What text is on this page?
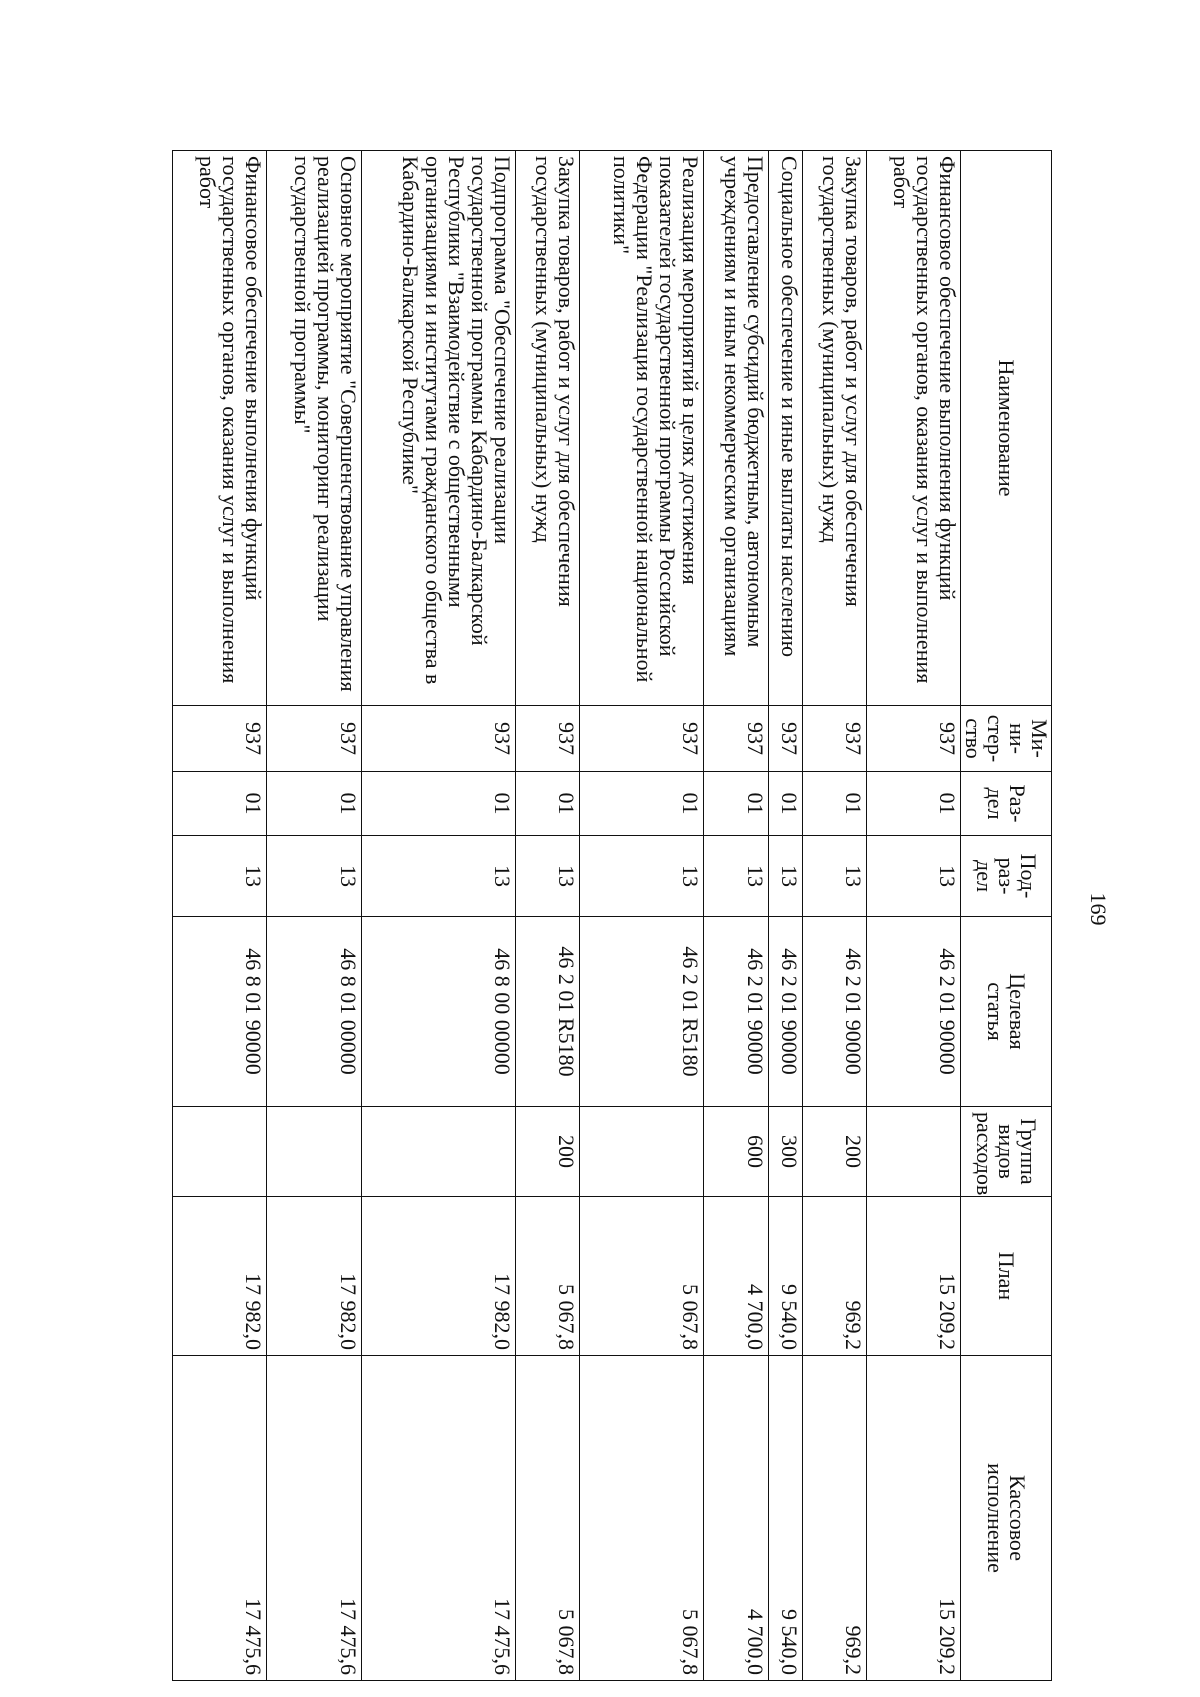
169
Наименование	Ми-
ни-
стер-
ство	Раз-
дел	Под-
раз-
дел	Целевая
статья	Группа
видов
расходов	План	Кассовое
исполнение
Финансовое обеспечение выполнения функций государственных органов, оказания услуг и выполнения работ	937	01	13	46 2 01 90000		15 209,2	15 209,2
Закупка товаров, работ и услуг для обеспечения государственных (муниципальных) нужд	937	01	13	46 2 01 90000	200	969,2	969,2
Социальное обеспечение и иные выплаты населению	937	01	13	46 2 01 90000	300	9 540,0	9 540,0
Предоставление субсидий бюджетным, автономным учреждениям и иным некоммерческим организациям	937	01	13	46 2 01 90000	600	4 700,0	4 700,0
Реализация мероприятий в целях достижения показателей государственной программы Российской Федерации "Реализация государственной национальной политики"	937	01	13	46 2 01 R5180		5 067,8	5 067,8
Закупка товаров, работ и услуг для обеспечения государственных (муниципальных) нужд	937	01	13	46 2 01 R5180	200	5 067,8	5 067,8
Подпрограмма "Обеспечение реализации государственной программы Кабардино-Балкарской Республики "Взаимодействие с общественными организациями и институтами гражданского общества в Кабардино-Балкарской Республике"	937	01	13	46 8 00 00000		17 982,0	17 475,6
Основное мероприятие "Совершенствование управления реализацией программы, мониторинг реализации государственной программы"	937	01	13	46 8 01 00000		17 982,0	17 475,6
Финансовое обеспечение выполнения функций государственных органов, оказания услуг и выполнения работ	937	01	13	46 8 01 90000		17 982,0	17 475,6
